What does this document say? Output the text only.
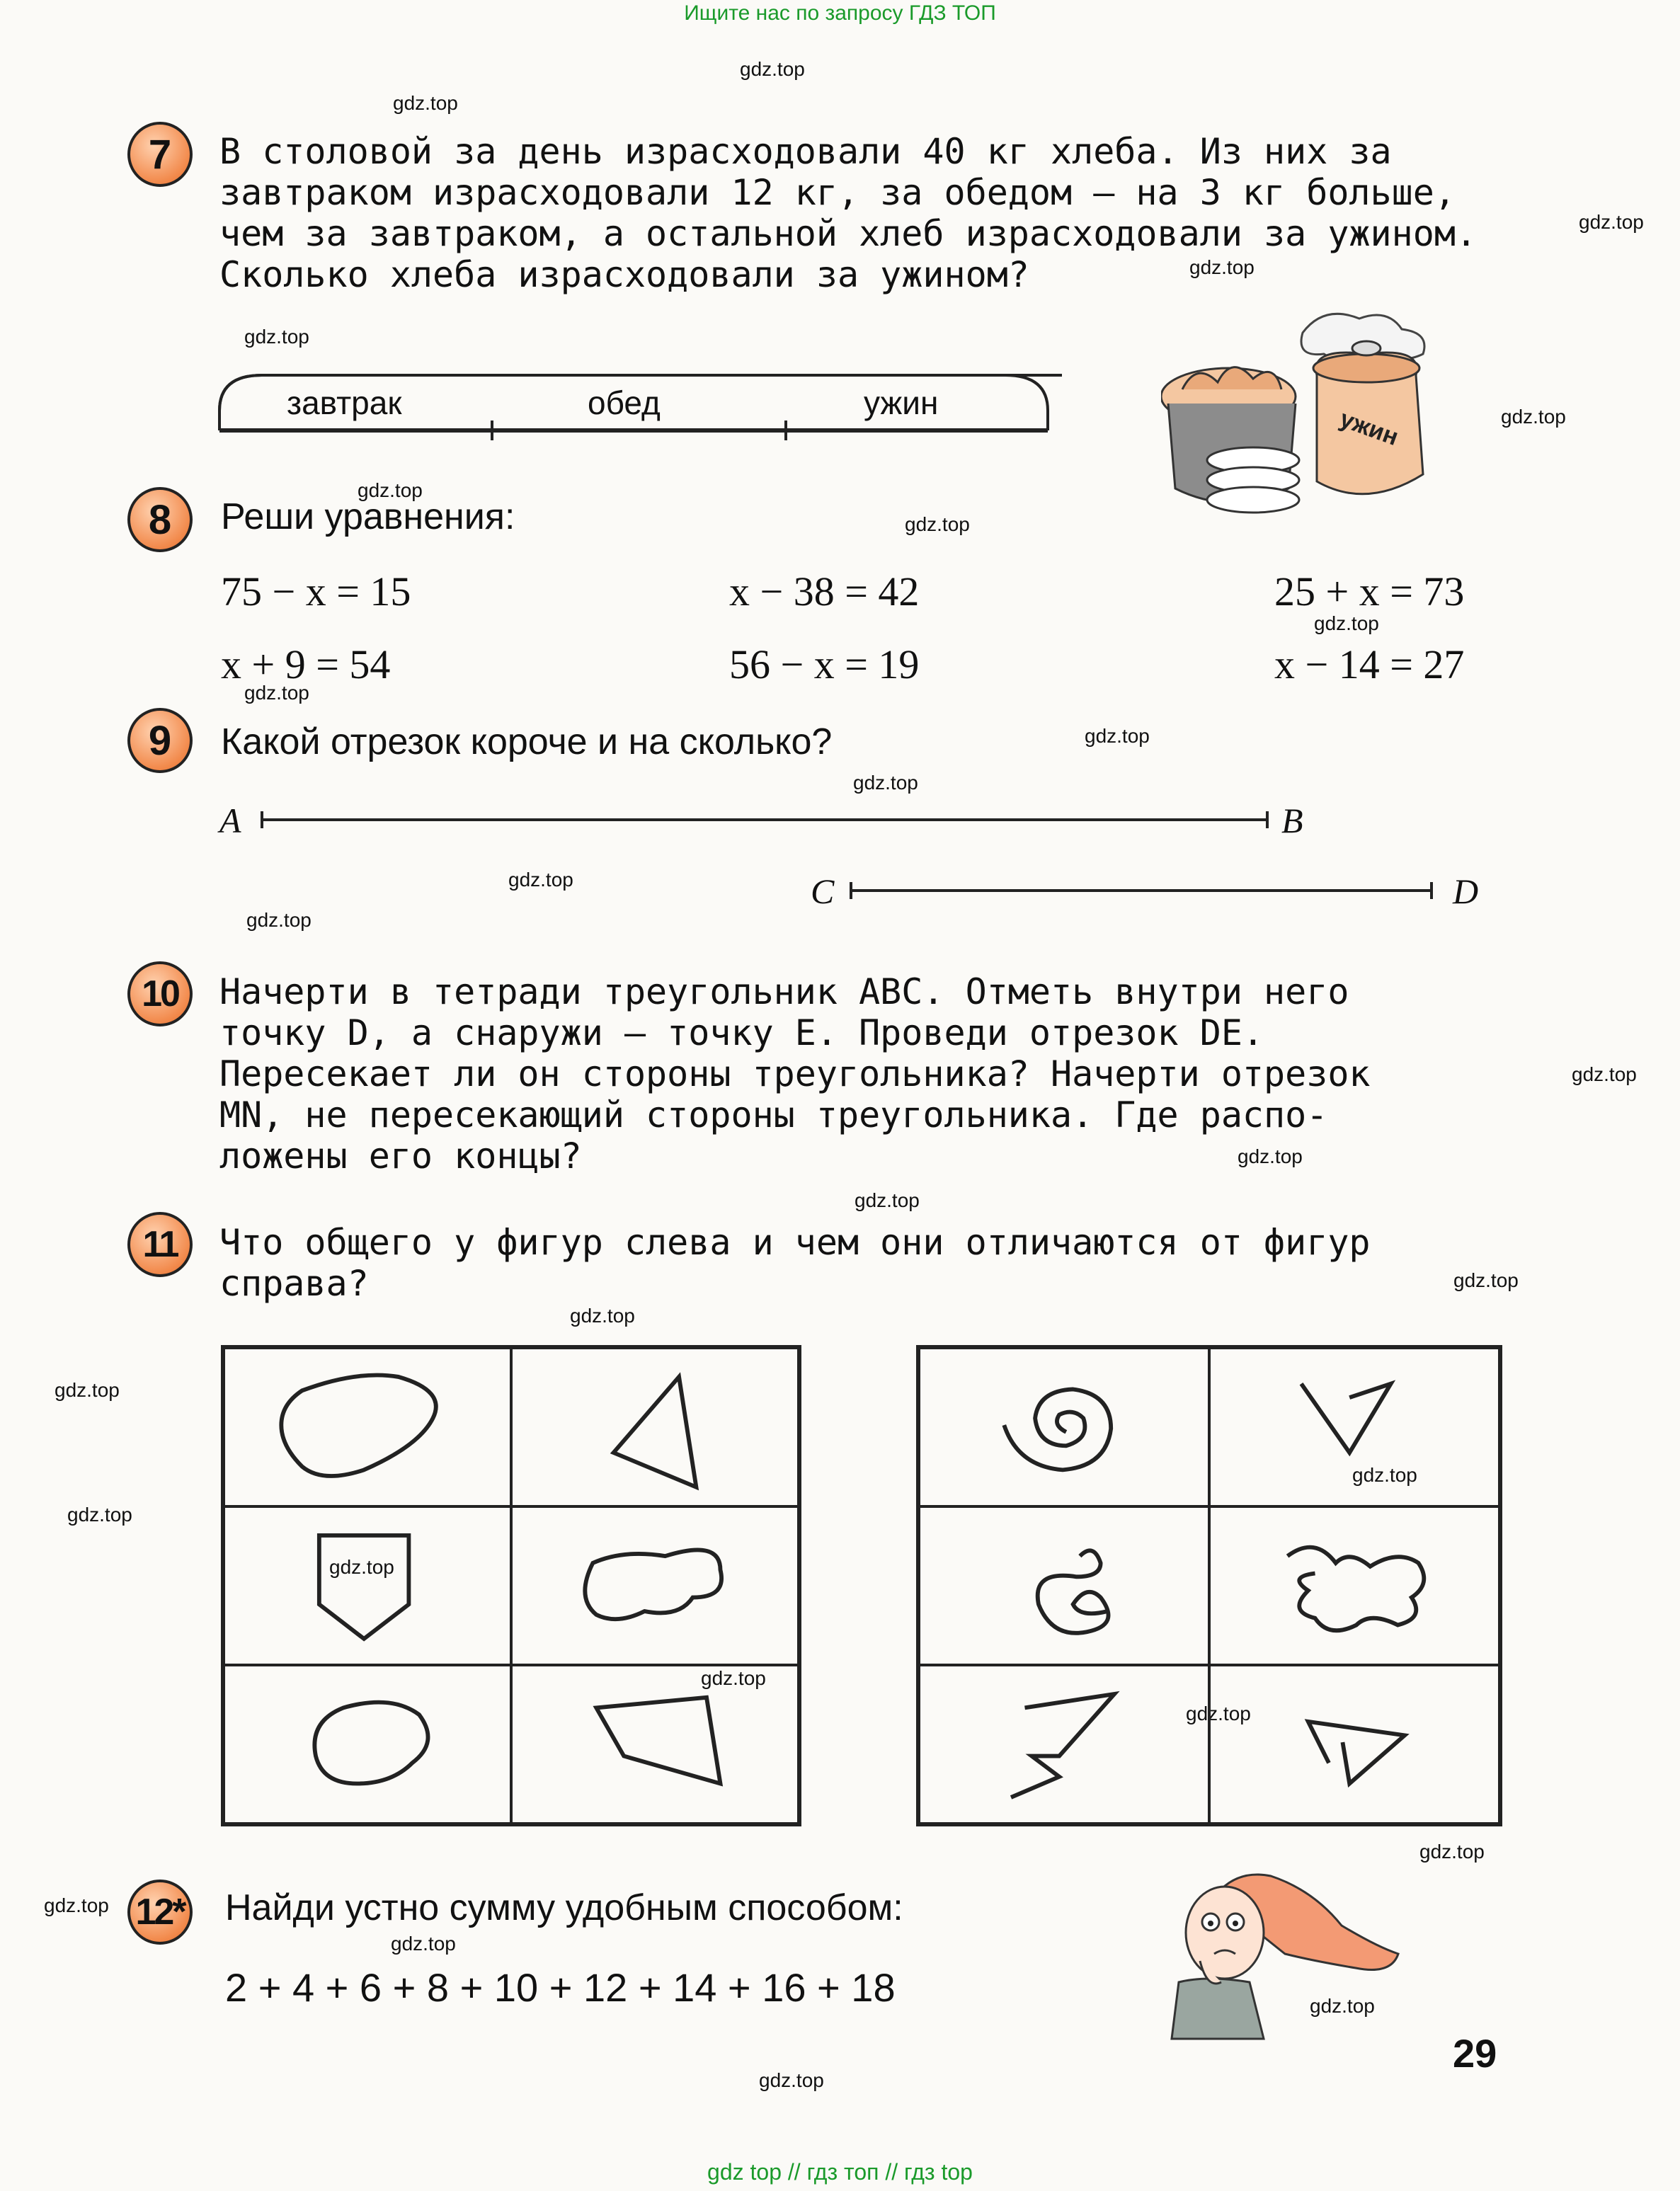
Ищите нас по запросу ГДЗ ТОП
gdz.top
gdz.top
gdz.top
gdz.top
gdz.top
gdz.top
gdz.top
gdz.top
gdz.top
gdz.top
gdz.top
gdz.top
gdz.top
gdz.top
gdz.top
gdz.top
gdz.top
gdz.top
gdz.top
gdz.top
gdz.top
gdz.top
gdz.top
gdz.top
gdz.top
gdz.top
gdz.top
gdz.top
gdz.top
gdz.top
7	В столовой за день израсходовали 40 кг хлеба. Из них за
завтраком израсходовали 12 кг, за обедом – на 3 кг больше,
чем за завтраком, а остальной хлеб израсходовали за ужином.
Сколько хлеба израсходовали за ужином?
завтрак	обед	ужин
ужин
8	Реши уравнения:
75 − x = 15	x − 38 = 42	25 + x = 73
x + 9 = 54	56 − x = 19	x − 14 = 27
9	Какой отрезок короче и на сколько?
A	B
C	D
10	Начерти в тетради треугольник ABC. Отметь внутри него
точку D, а снаружи – точку E. Проведи отрезок DE.
Пересекает ли он стороны треугольника? Начерти отрезок
MN, не пересекающий стороны треугольника. Где распо-
ложены его концы?
11	Что общего у фигур слева и чем они отличаются от фигур
справа?
12* Найди устно сумму удобным способом:
2 + 4 + 6 + 8 + 10 + 12 + 14 + 16 + 18
29
gdz top // гдз топ // гдз top
